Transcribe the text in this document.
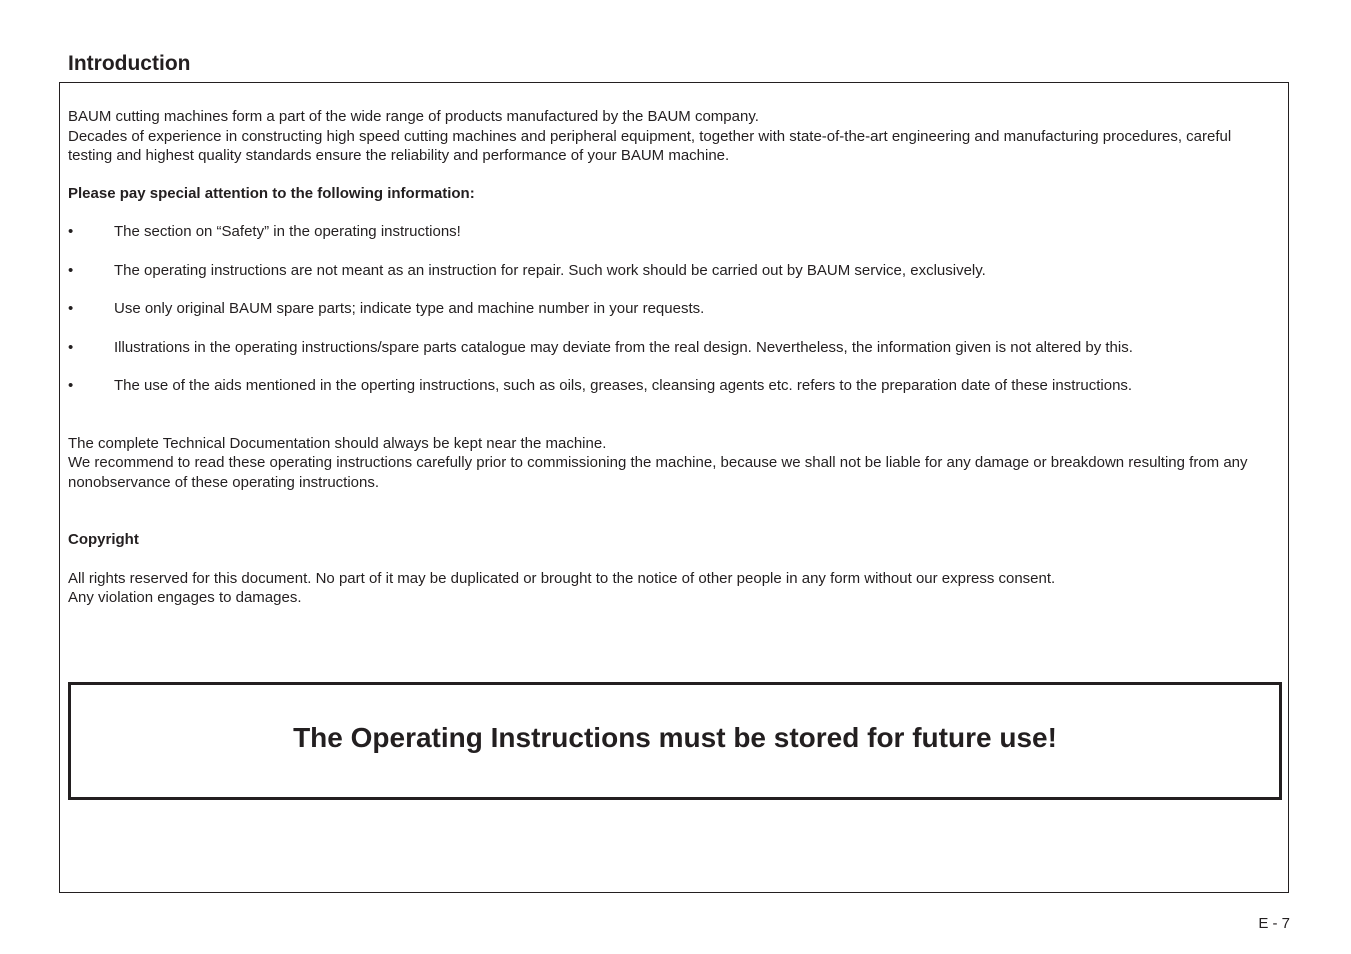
Introduction

BAUM cutting machines form a part of the wide range of products manufactured by the BAUM company.

Decades of experience in constructing high speed cutting machines and peripheral equipment, together with state-of-the-art engineering and manufacturing procedures, careful testing and highest quality standards ensure the reliability and performance of your BAUM machine.

Please pay special attention to the following information:

•	The section on “Safety” in the operating instructions!
•	The operating instructions are not meant as an instruction for repair. Such work should be carried out by BAUM service, exclusively.
•	Use only original BAUM spare parts; indicate type and machine number in your requests.
•	Illustrations in the operating instructions/spare parts catalogue may deviate from the real design. Nevertheless, the information given is not altered by this.
•	The use of the aids mentioned in the operting instructions, such as oils, greases, cleansing agents etc. refers to the preparation date of these instructions.

The complete Technical Documentation should always be kept near the machine.

We recommend to read these operating instructions carefully prior to commissioning the machine, because we shall not be liable for any damage or breakdown resulting from any nonobservance of these operating instructions.

Copyright

All rights reserved for this document. No part of it may be duplicated or brought to the notice of other people in any form without our express consent.

Any violation engages to damages.

The Operating Instructions must be stored for future use!

E - 7
